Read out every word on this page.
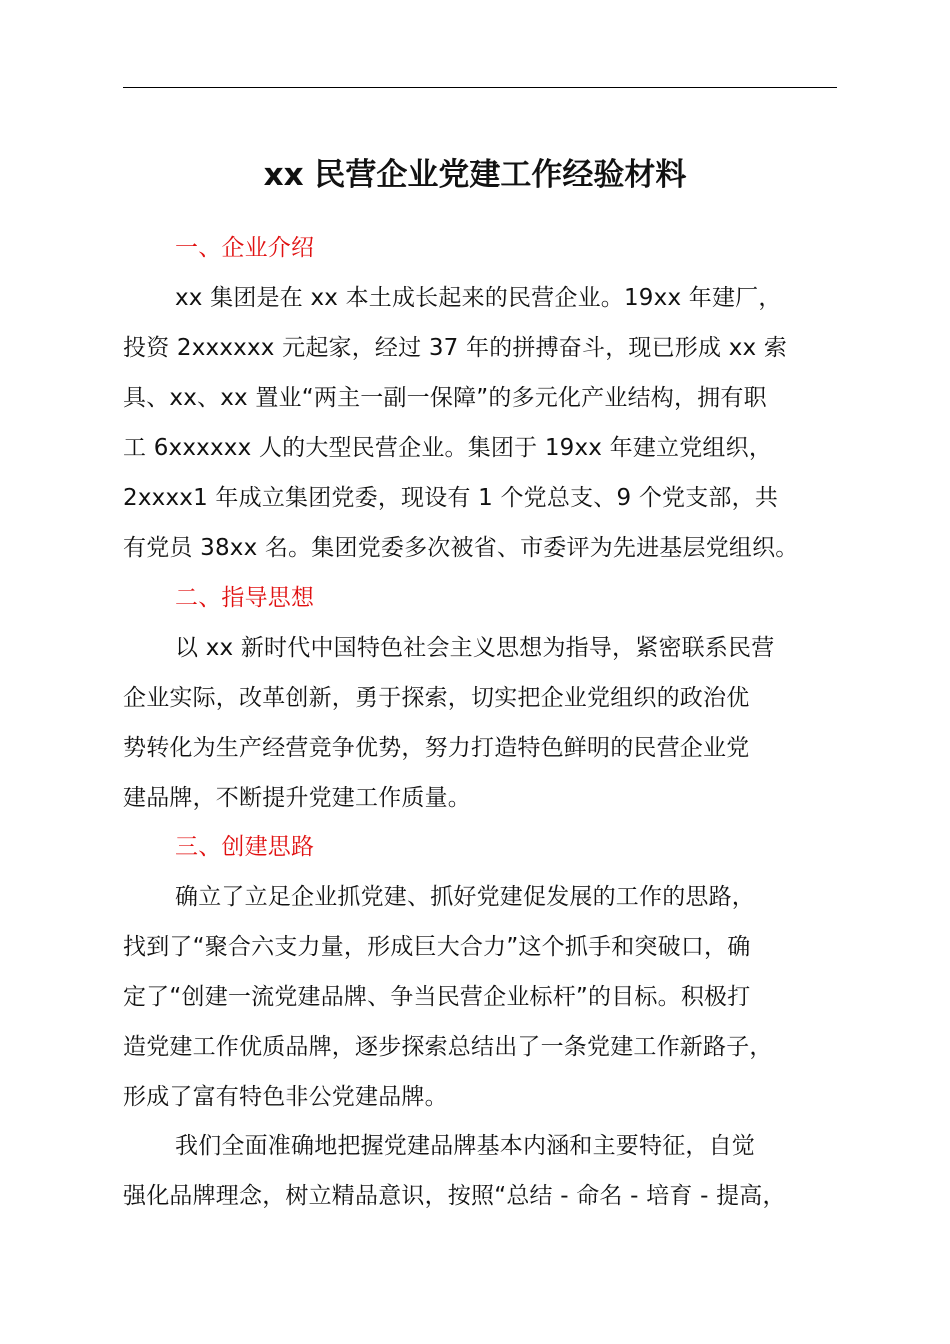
xx 民营企业党建工作经验材料
一、企业介绍
xx 集团是在 xx 本土成长起来的民营企业。19xx 年建厂，
投资 2xxxxxx 元起家，经过 37 年的拼搏奋斗，现已形成 xx 索
具、xx、xx 置业“两主一副一保障”的多元化产业结构，拥有职
工 6xxxxxx 人的大型民营企业。集团于 19xx 年建立党组织，
2xxxx1 年成立集团党委，现设有 1 个党总支、9 个党支部，共
有党员 38xx 名。集团党委多次被省、市委评为先进基层党组织。
二、指导思想
以 xx 新时代中国特色社会主义思想为指导，紧密联系民营
企业实际，改革创新，勇于探索，切实把企业党组织的政治优
势转化为生产经营竞争优势，努力打造特色鲜明的民营企业党
建品牌，不断提升党建工作质量。
三、创建思路
确立了立足企业抓党建、抓好党建促发展的工作的思路，
找到了“聚合六支力量，形成巨大合力”这个抓手和突破口，确
定了“创建一流党建品牌、争当民营企业标杆”的目标。积极打
造党建工作优质品牌，逐步探索总结出了一条党建工作新路子，
形成了富有特色非公党建品牌。
我们全面准确地把握党建品牌基本内涵和主要特征，自觉
强化品牌理念，树立精品意识，按照“总结 - 命名 - 培育 - 提高，
